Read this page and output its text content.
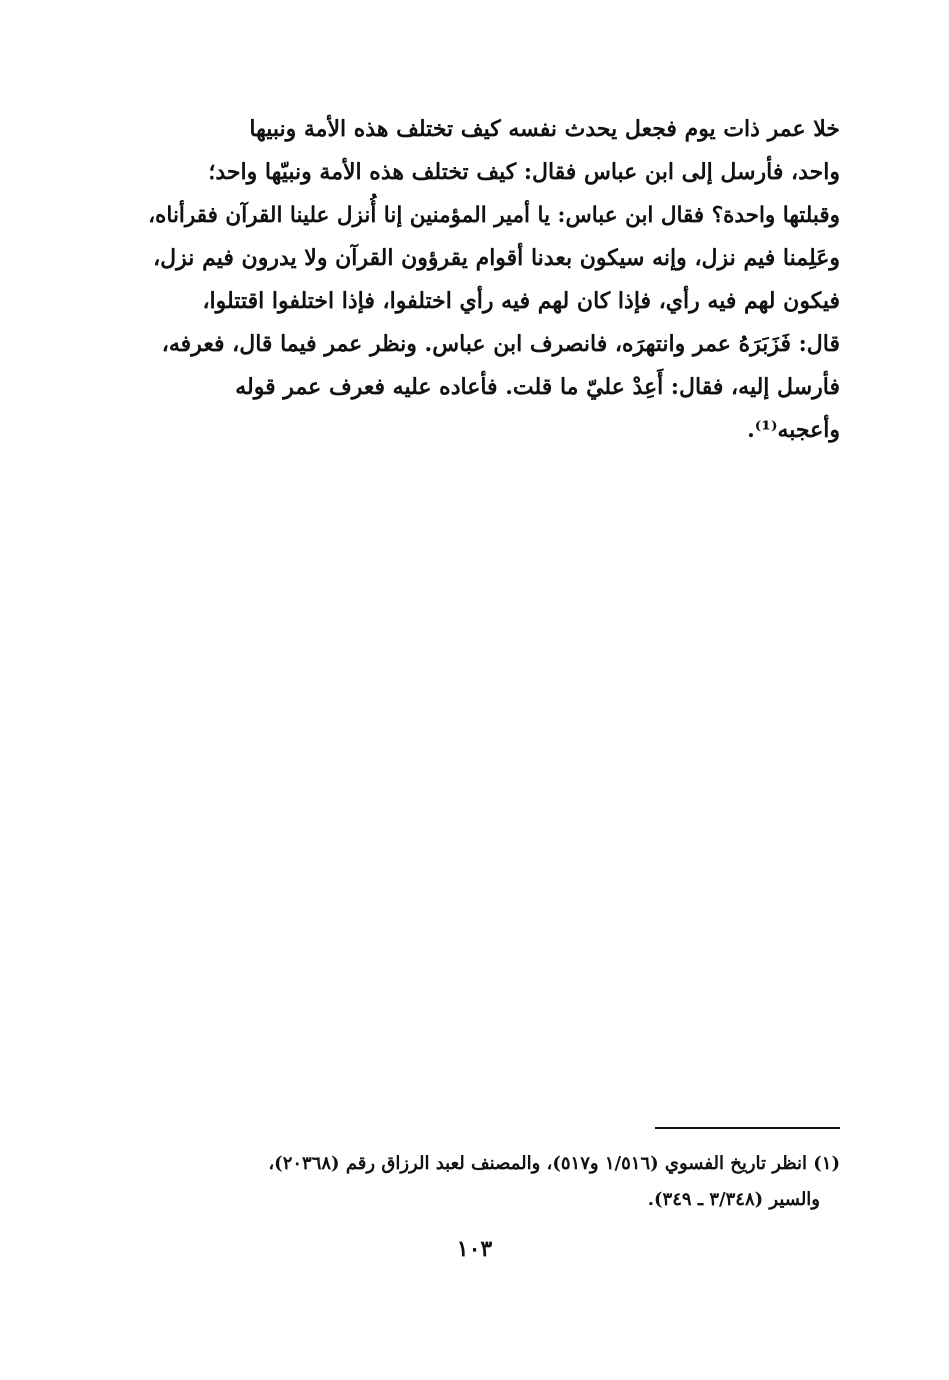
خلا عمر ذات يوم فجعل يحدث نفسه كيف تختلف هذه الأمة ونبيها
واحد، فأرسل إلى ابن عباس فقال: كيف تختلف هذه الأمة ونبيّها واحد؛
وقبلتها واحدة؟ فقال ابن عباس: يا أمير المؤمنين إنا أُنزل علينا القرآن فقرأناه،
وعَلِمنا فيم نزل، وإنه سيكون بعدنا أقوام يقرؤون القرآن ولا يدرون فيم نزل،
فيكون لهم فيه رأي، فإذا كان لهم فيه رأي اختلفوا، فإذا اختلفوا اقتتلوا،
قال: فَزَبَرَهُ عمر وانتهرَه، فانصرف ابن عباس. ونظر عمر فيما قال، فعرفه،
فأرسل إليه، فقال: أَعِدْ عليّ ما قلت. فأعاده عليه فعرف عمر قوله
وأعجبه⁽¹⁾.
(١) انظر تاريخ الفسوي (١/٥١٦ و٥١٧)، والمصنف لعبد الرزاق رقم (٢٠٣٦٨)،
والسير (٣/٣٤٨ ـ ٣٤٩).
١٠٣
